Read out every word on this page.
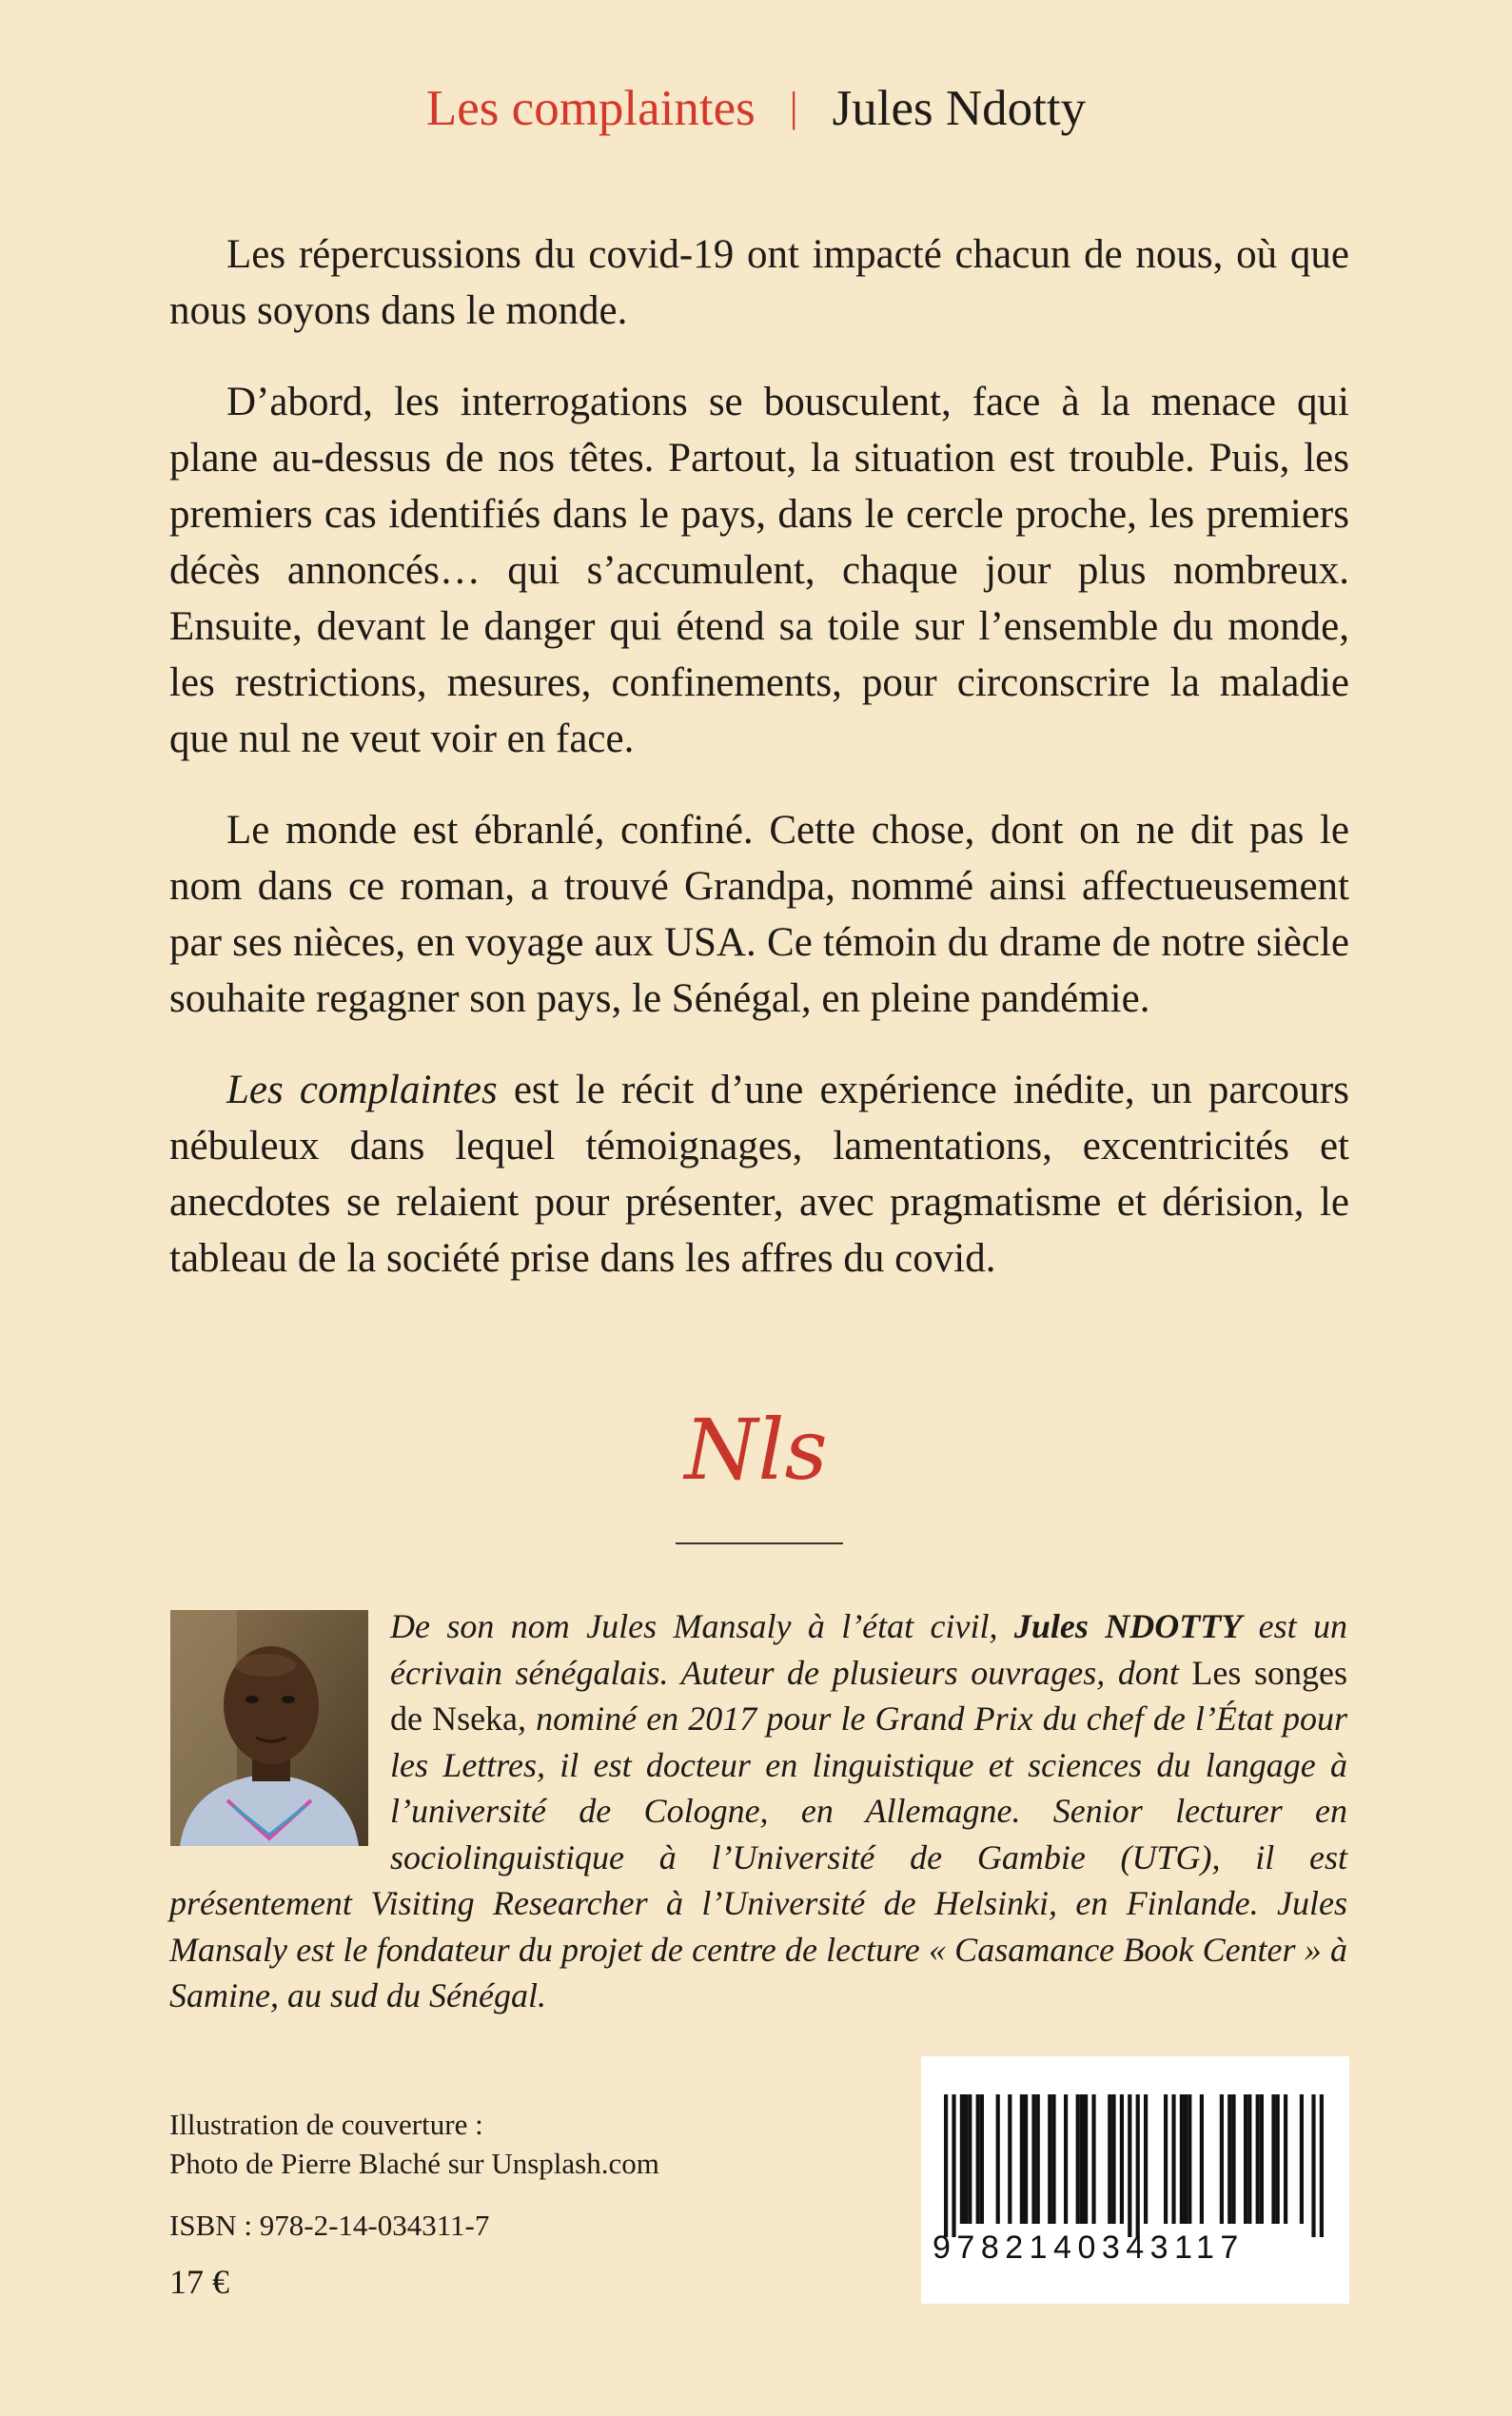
Les complaintes | Jules Ndotty

Les répercussions du covid-19 ont impacté chacun de nous, où que nous soyons dans le monde.

D’abord, les interrogations se bousculent, face à la menace qui plane au-dessus de nos têtes. Partout, la situation est trouble. Puis, les premiers cas identifiés dans le pays, dans le cercle proche, les premiers décès annoncés… qui s’accumulent, chaque jour plus nombreux. Ensuite, devant le danger qui étend sa toile sur l’ensemble du monde, les restrictions, mesures, confinements, pour circonscrire la maladie que nul ne veut voir en face.

Le monde est ébranlé, confiné. Cette chose, dont on ne dit pas le nom dans ce roman, a trouvé Grandpa, nommé ainsi affectueusement par ses nièces, en voyage aux USA. Ce témoin du drame de notre siècle souhaite regagner son pays, le Sénégal, en pleine pandémie.

Les complaintes est le récit d’une expérience inédite, un parcours nébuleux dans lequel témoignages, lamentations, excentricités et anecdotes se relaient pour présenter, avec pragmatisme et dérision, le tableau de la société prise dans les affres du covid.

Nls
De son nom Jules Mansaly à l’état civil, Jules NDOTTY est un écrivain sénégalais. Auteur de plusieurs ouvrages, dont Les songes de Nseka, nominé en 2017 pour le Grand Prix du chef de l’État pour les Lettres, il est docteur en linguistique et sciences du langage à l’université de Cologne, en Allemagne. Senior lecturer en sociolinguistique à l’Université de Gambie (UTG), il est présentement Visiting Researcher à l’Université de Helsinki, en Finlande. Jules Mansaly est le fondateur du projet de centre de lecture « Casamance Book Center » à Samine, au sud du Sénégal.
Illustration de couverture :
Photo de Pierre Blaché sur Unsplash.com
ISBN : 978-2-14-034311-7
17 €
9782140343117
